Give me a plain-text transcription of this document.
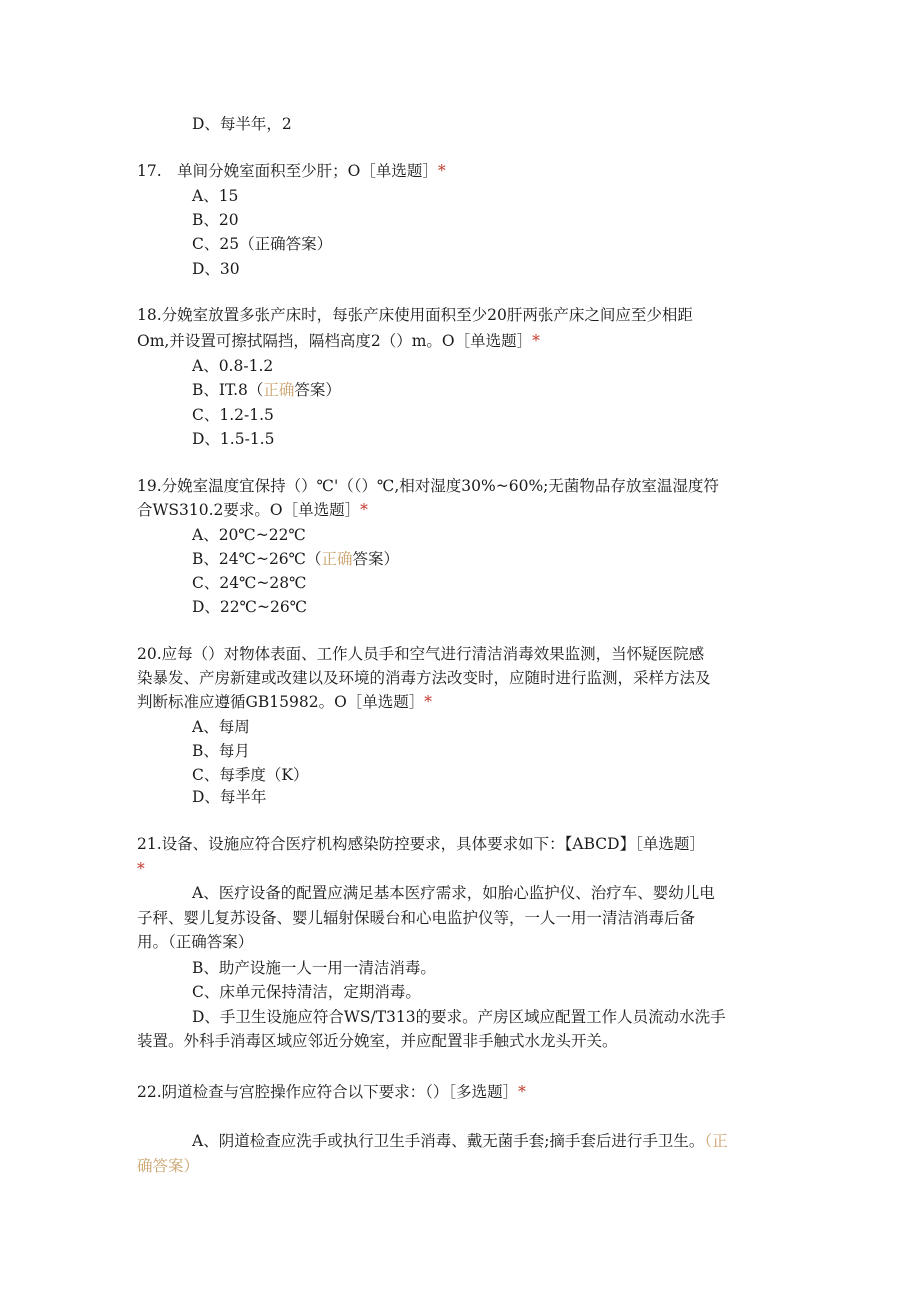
D、每半年，2
17.　单间分娩室面积至少肝；O［单选题］*
A、15
B、20
C、25（正确答案）
D、30
18.分娩室放置多张产床时，每张产床使用面积至少20肝两张产床之间应至少相距
Om,并设置可擦拭隔挡，隔档高度2（）m。O［单选题］*
A、0.8-1.2
B、IT.8（正确答案）
C、1.2-1.5
D、1.5-1.5
19.分娩室温度宜保持（）℃'（（）℃,相对湿度30%~60%;无菌物品存放室温湿度符
合WS310.2要求。O［单选题］*
A、20℃~22℃
B、24℃~26℃（正确答案）
C、24℃~28℃
D、22℃~26℃
20.应每（）对物体表面、工作人员手和空气进行清洁消毒效果监测，当怀疑医院感
染暴发、产房新建或改建以及环境的消毒方法改变时，应随时进行监测，采样方法及
判断标准应遵循GB15982。O［单选题］*
A、每周
B、每月
C、每季度（K）
D、每半年
21.设备、设施应符合医疗机构感染防控要求，具体要求如下：【ABCD】［单选题］
*
A、医疗设备的配置应满足基本医疗需求，如胎心监护仪、治疗车、婴幼儿电
子秤、婴儿复苏设备、婴儿辐射保暖台和心电监护仪等，一人一用一清洁消毒后备
用。（正确答案）
B、助产设施一人一用一清洁消毒。
C、床单元保持清洁，定期消毒。
D、手卫生设施应符合WS/T313的要求。产房区域应配置工作人员流动水洗手
装置。外科手消毒区域应邻近分娩室，并应配置非手触式水龙头开关。
22.阴道检查与宫腔操作应符合以下要求：（）［多选题］*
A、阴道检查应洗手或执行卫生手消毒、戴无菌手套;摘手套后进行手卫生。（正
确答案）
